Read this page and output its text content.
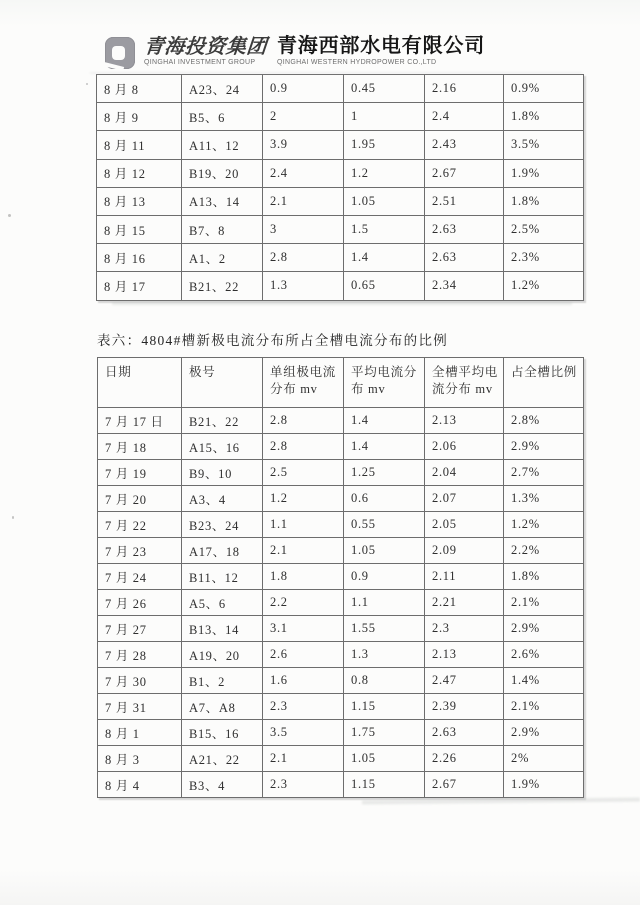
青海投资集团
QINGHAI INVESTMENT GROUP
青海西部水电有限公司
QINGHAI WESTERN HYDROPOWER CO.,LTD
8 月 8	A23、24	0.9	0.45	2.16	0.9%
8 月 9	B5、6	2	1	2.4	1.8%
8 月 11	A11、12	3.9	1.95	2.43	3.5%
8 月 12	B19、20	2.4	1.2	2.67	1.9%
8 月 13	A13、14	2.1	1.05	2.51	1.8%
8 月 15	B7、8	3	1.5	2.63	2.5%
8 月 16	A1、2	2.8	1.4	2.63	2.3%
8 月 17	B21、22	1.3	0.65	2.34	1.2%
表六：4804#槽新极电流分布所占全槽电流分布的比例
日期	极号	单组极电流分布 mv	平均电流分布 mv	全槽平均电流分布 mv	占全槽比例
7 月 17 日	B21、22	2.8	1.4	2.13	2.8%
7 月 18	A15、16	2.8	1.4	2.06	2.9%
7 月 19	B9、10	2.5	1.25	2.04	2.7%
7 月 20	A3、4	1.2	0.6	2.07	1.3%
7 月 22	B23、24	1.1	0.55	2.05	1.2%
7 月 23	A17、18	2.1	1.05	2.09	2.2%
7 月 24	B11、12	1.8	0.9	2.11	1.8%
7 月 26	A5、6	2.2	1.1	2.21	2.1%
7 月 27	B13、14	3.1	1.55	2.3	2.9%
7 月 28	A19、20	2.6	1.3	2.13	2.6%
7 月 30	B1、2	1.6	0.8	2.47	1.4%
7 月 31	A7、A8	2.3	1.15	2.39	2.1%
8 月 1	B15、16	3.5	1.75	2.63	2.9%
8 月 3	A21、22	2.1	1.05	2.26	2%
8 月 4	B3、4	2.3	1.15	2.67	1.9%
